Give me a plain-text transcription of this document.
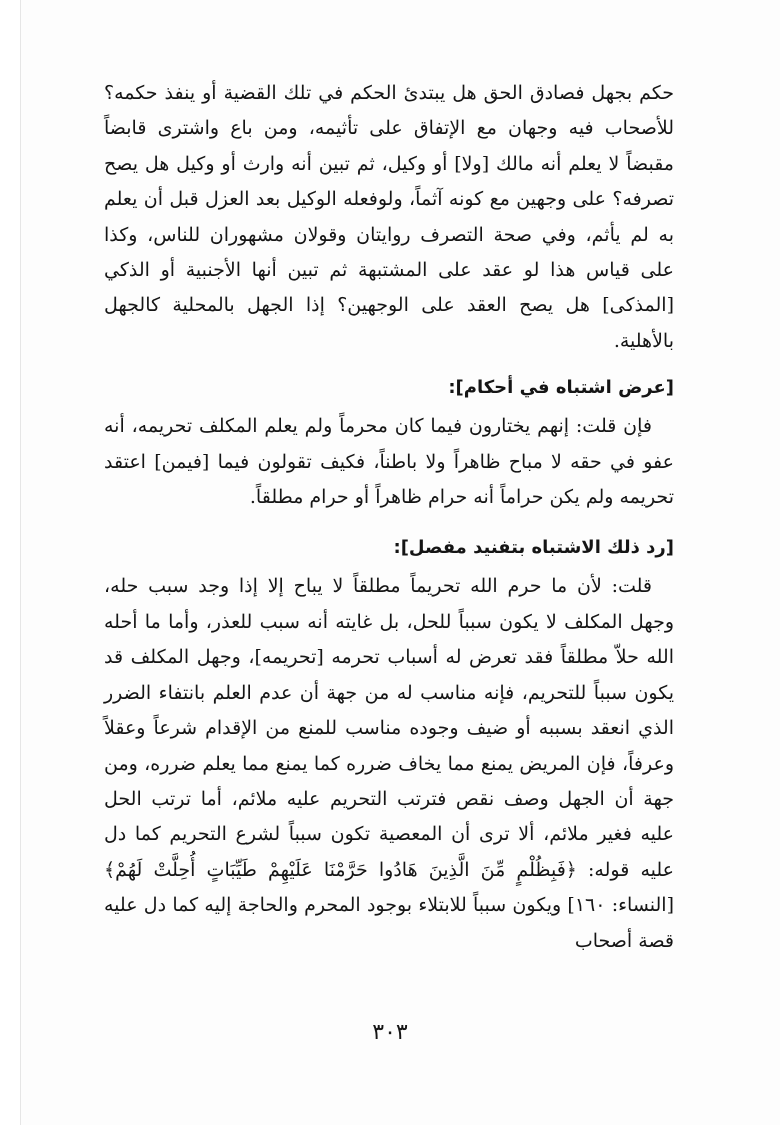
حكم بجهل فصادق الحق هل يبتدئ الحكم في تلك القضية أو ينفذ حكمه؟ للأصحاب فيه وجهان مع الإتفاق على تأثيمه، ومن باع واشترى قابضاً مقبضاً لا يعلم أنه مالك [ولا] أو وكيل، ثم تبين أنه وارث أو وكيل هل يصح تصرفه؟ على وجهين مع كونه آثماً، ولوفعله الوكيل بعد العزل قبل أن يعلم به لم يأثم، وفي صحة التصرف روايتان وقولان مشهوران للناس، وكذا على قياس هذا لو عقد على المشتبهة ثم تبين أنها الأجنبية أو الذكي [المذكى] هل يصح العقد على الوجهين؟ إذا الجهل بالمحلية كالجهل بالأهلية.

[عرض اشتباه في أحكام]:

فإن قلت: إنهم يختارون فيما كان محرماً ولم يعلم المكلف تحريمه، أنه عفو في حقه لا مباح ظاهراً ولا باطناً، فكيف تقولون فيما [فيمن] اعتقد تحريمه ولم يكن حراماً أنه حرام ظاهراً أو حرام مطلقاً.

[رد ذلك الاشتباه بتفنيد مفصل]:

قلت: لأن ما حرم الله تحريماً مطلقاً لا يباح إلا إذا وجد سبب حله، وجهل المكلف لا يكون سبباً للحل، بل غايته أنه سبب للعذر، وأما ما أحله الله حلاّ مطلقاً فقد تعرض له أسباب تحرمه [تحريمه]، وجهل المكلف قد يكون سبباً للتحريم، فإنه مناسب له من جهة أن عدم العلم بانتفاء الضرر الذي انعقد بسببه أو ضيف وجوده مناسب للمنع من الإقدام شرعاً وعقلاً وعرفاً، فإن المريض يمنع مما يخاف ضرره كما يمنع مما يعلم ضرره، ومن جهة أن الجهل وصف نقص فترتب التحريم عليه ملائم، أما ترتب الحل عليه فغير ملائم، ألا ترى أن المعصية تكون سبباً لشرع التحريم كما دل عليه قوله: ﴿فَبِظُلْمٍ مِّنَ الَّذِينَ هَادُوا حَرَّمْنَا عَلَيْهِمْ طَيِّبَاتٍ أُحِلَّتْ لَهُمْ﴾ [النساء: ١٦٠] ويكون سبباً للابتلاء بوجود المحرم والحاجة إليه كما دل عليه قصة أصحاب

٣٠٣
